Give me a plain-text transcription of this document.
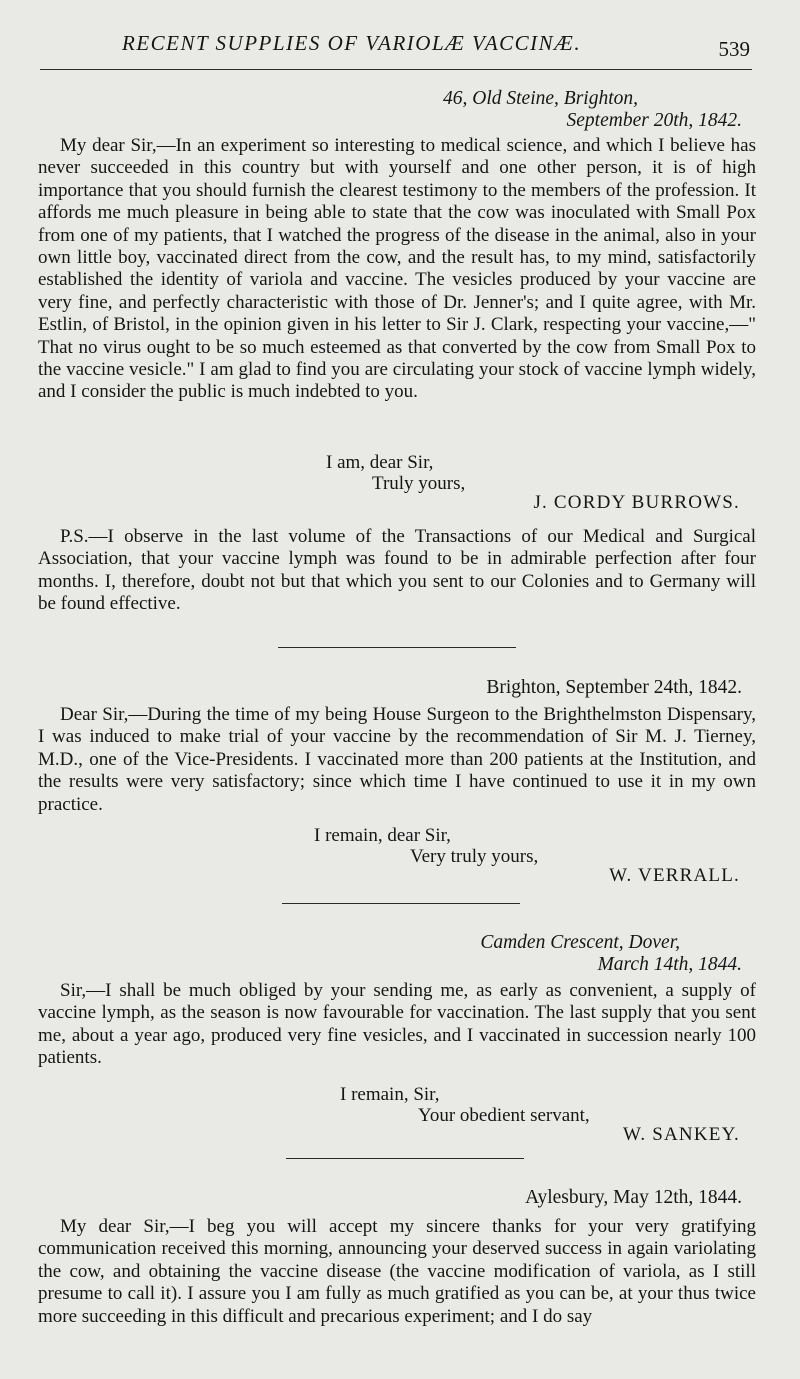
RECENT SUPPLIES OF VARIOLÆ VACCINÆ.	539
46, Old Steine, Brighton,
September 20th, 1842.

My dear Sir,—In an experiment so interesting to medical science, and which I believe has never succeeded in this country but with yourself and one other person, it is of high importance that you should furnish the clearest testimony to the members of the profession. It affords me much pleasure in being able to state that the cow was inoculated with Small Pox from one of my patients, that I watched the progress of the disease in the animal, also in your own little boy, vaccinated direct from the cow, and the result has, to my mind, satisfactorily established the identity of variola and vaccine. The vesicles produced by your vaccine are very fine, and perfectly characteristic with those of Dr. Jenner's; and I quite agree, with Mr. Estlin, of Bristol, in the opinion given in his letter to Sir J. Clark, respecting your vaccine,—" That no virus ought to be so much esteemed as that converted by the cow from Small Pox to the vaccine vesicle." I am glad to find you are circulating your stock of vaccine lymph widely, and I consider the public is much indebted to you.

I am, dear Sir,
Truly yours,
J. CORDY BURROWS.

P.S.—I observe in the last volume of the Transactions of our Medical and Surgical Association, that your vaccine lymph was found to be in admirable perfection after four months. I, therefore, doubt not but that which you sent to our Colonies and to Germany will be found effective.

Brighton, September 24th, 1842.

Dear Sir,—During the time of my being House Surgeon to the Brighthelmston Dispensary, I was induced to make trial of your vaccine by the recommendation of Sir M. J. Tierney, M.D., one of the Vice-Presidents. I vaccinated more than 200 patients at the Institution, and the results were very satisfactory; since which time I have continued to use it in my own practice.

I remain, dear Sir,
Very truly yours,
W. VERRALL.
Camden Crescent, Dover,
March 14th, 1844.

Sir,—I shall be much obliged by your sending me, as early as convenient, a supply of vaccine lymph, as the season is now favourable for vaccination. The last supply that you sent me, about a year ago, produced very fine vesicles, and I vaccinated in succession nearly 100 patients.

I remain, Sir,
Your obedient servant,
W. SANKEY.
Aylesbury, May 12th, 1844.

My dear Sir,—I beg you will accept my sincere thanks for your very gratifying communication received this morning, announcing your deserved success in again variolating the cow, and obtaining the vaccine disease (the vaccine modification of variola, as I still presume to call it). I assure you I am fully as much gratified as you can be, at your thus twice more succeeding in this difficult and precarious experiment; and I do say
